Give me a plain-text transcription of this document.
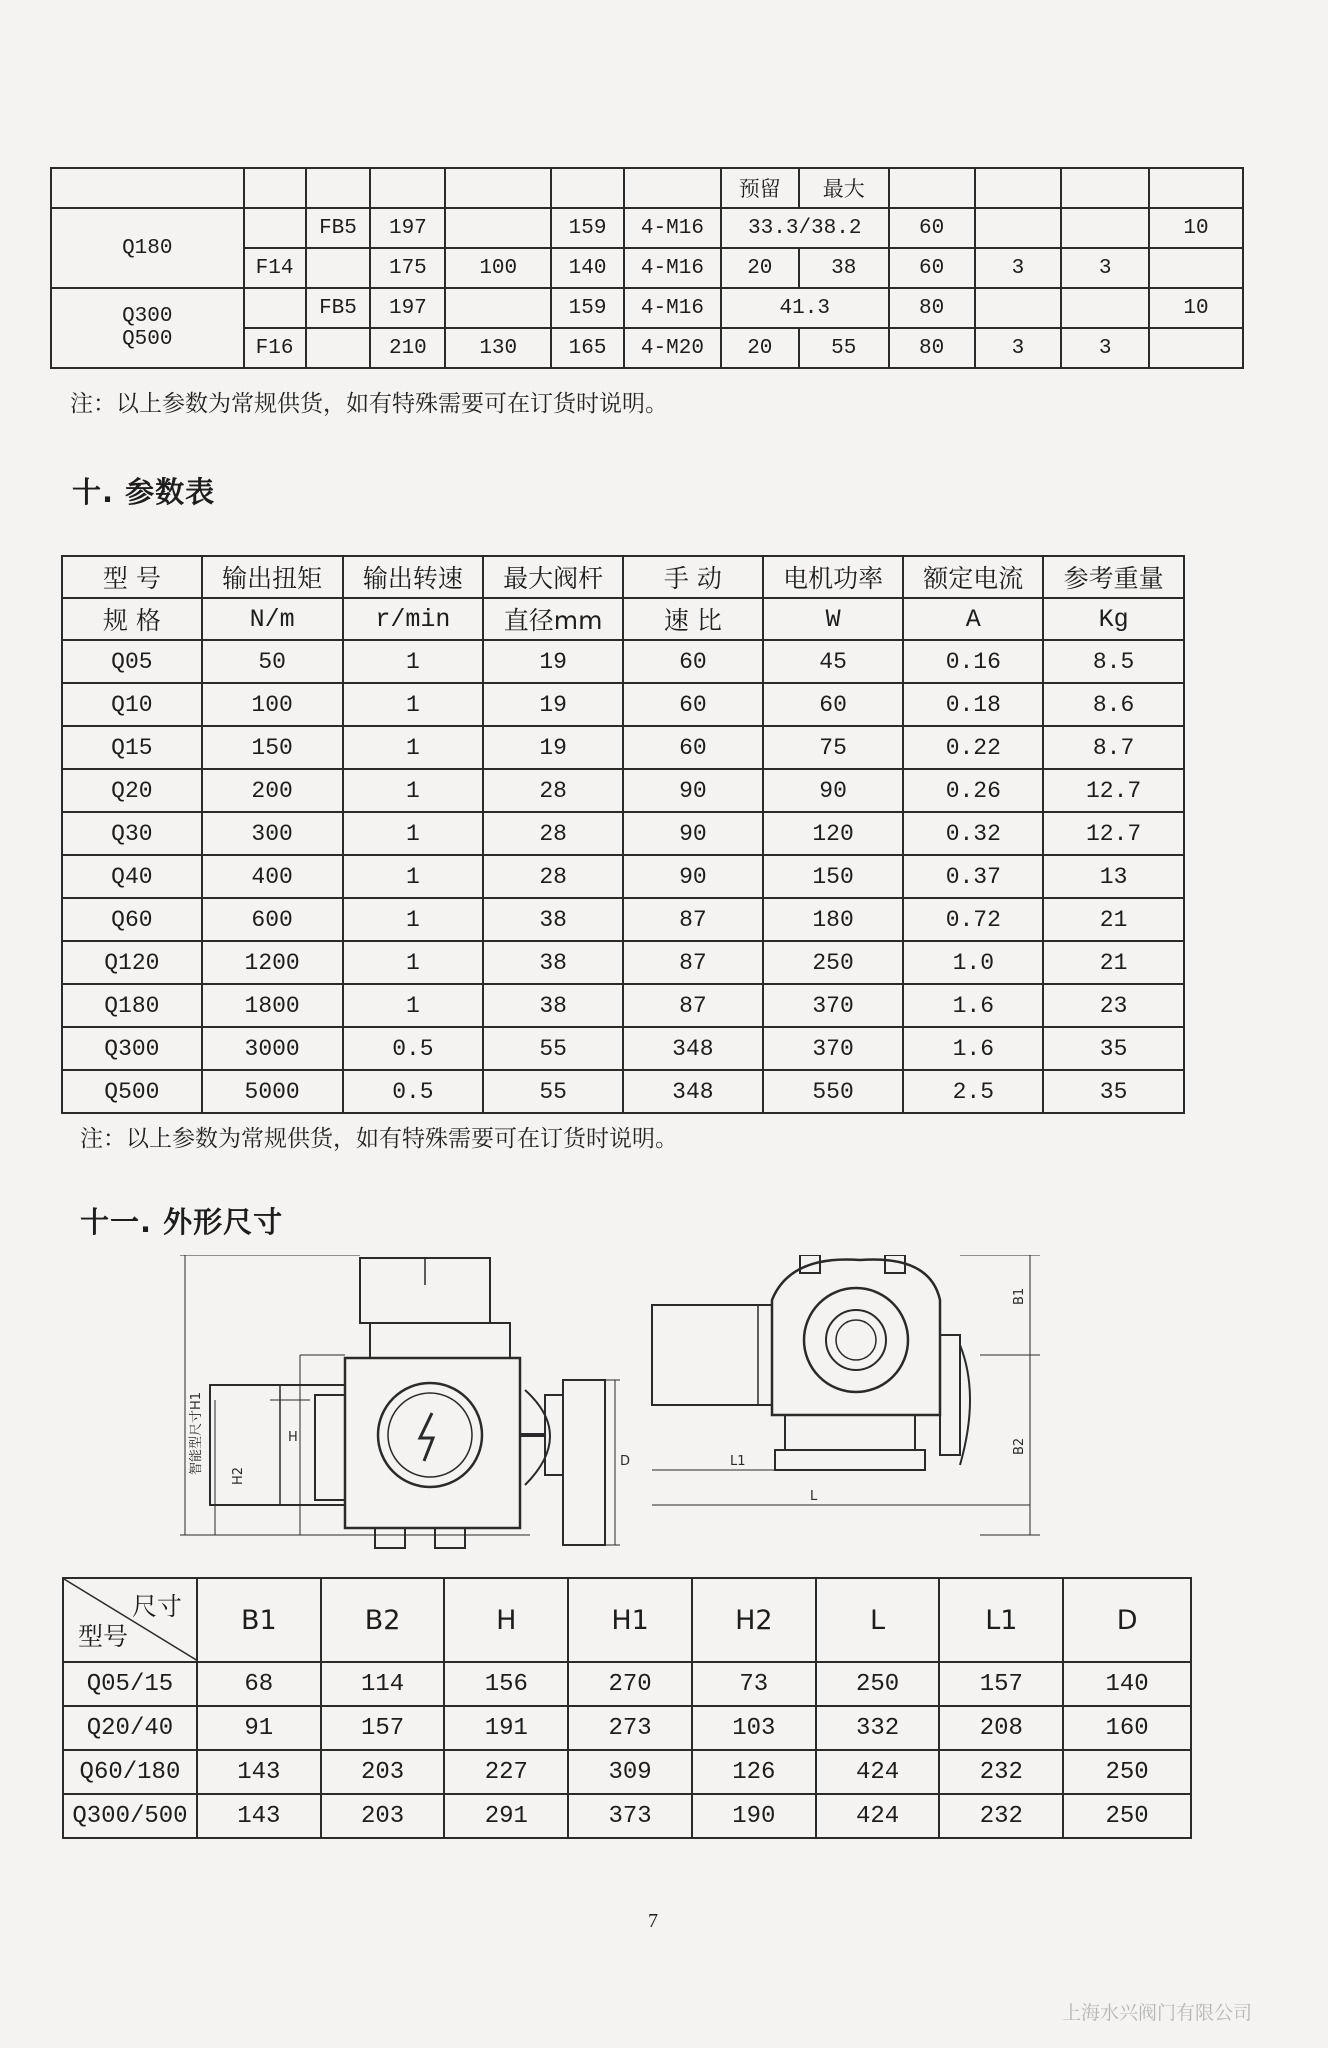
							预留	最大				
Q180		FB5	197		159	4-M16	33.3/38.2		60			10
	F14		175	100	140	4-M16	20	38	60	3	3	

Q300
Q500		FB5	197		159	4-M16	41.3		80			10
	F16		210	130	165	4-M20	20	55	80	3	3	
注：以上参数为常规供货，如有特殊需要可在订货时说明。
十. 参数表
型 号	输出扭矩	输出转速	最大阀杆	手 动	电机功率	额定电流	参考重量
规 格	N/m	r/min	直径mm	速 比	W	A	Kg
Q05	50	1	19	60	45	0.16	8.5
Q10	100	1	19	60	60	0.18	8.6
Q15	150	1	19	60	75	0.22	8.7
Q20	200	1	28	90	90	0.26	12.7
Q30	300	1	28	90	120	0.32	12.7
Q40	400	1	28	90	150	0.37	13
Q60	600	1	38	87	180	0.72	21
Q120	1200	1	38	87	250	1.0	21
Q180	1800	1	38	87	370	1.6	23
Q300	3000	0.5	55	348	370	1.6	35
Q500	5000	0.5	55	348	550	2.5	35
注：以上参数为常规供货，如有特殊需要可在订货时说明。
十一. 外形尺寸
智能型尺寸H1	H
H2
D
B1
B2
L1
L
尺寸
型号	B1	B2	H	H1	H2	L	L1	D
Q05/15	68	114	156	270	73	250	157	140
Q20/40	91	157	191	273	103	332	208	160
Q60/180	143	203	227	309	126	424	232	250
Q300/500	143	203	291	373	190	424	232	250
7
上海水兴阀门有限公司
